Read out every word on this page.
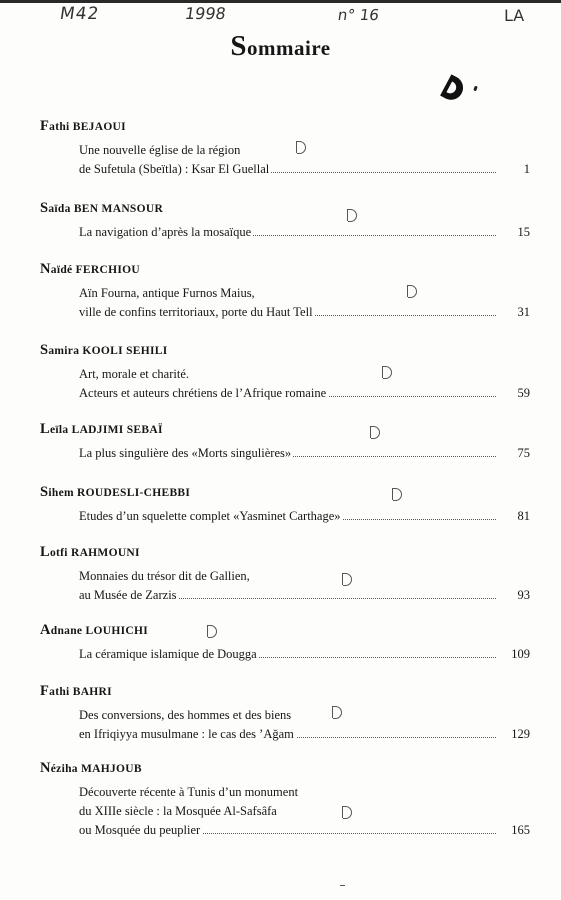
M42	1998	n° 16	LA
Sommaire
Fathi BEJAOUI
Une nouvelle église de la région
de Sufetula (Sbeïtla) : Ksar El Guellal	1
Saïda BEN MANSOUR
La navigation d’après la mosaïque	15
Naïdé FERCHIOU
Aïn Fourna, antique Furnos Maius,
ville de confins territoriaux, porte du Haut Tell	31
Samira KOOLI SEHILI
Art, morale et charité.
Acteurs et auteurs chrétiens de l’Afrique romaine	59
Leïla LADJIMI SEBAÏ
La plus singulière des «Morts singulières»	75
Sihem ROUDESLI-CHEBBI
Etudes d’un squelette complet «Yasminet Carthage»	81
Lotfi RAHMOUNI
Monnaies du trésor dit de Gallien,
au Musée de Zarzis	93
Adnane LOUHICHI
La céramique islamique de Dougga	109
Fathi BAHRI
Des conversions, des hommes et des biens
en Ifriqiyya musulmane : le cas des ’Aǧam	129
Néziha MAHJOUB
Découverte récente à Tunis d’un monument
du XIIIe siècle : la Mosquée Al-Safsâfa
ou Mosquée du peuplier	165
